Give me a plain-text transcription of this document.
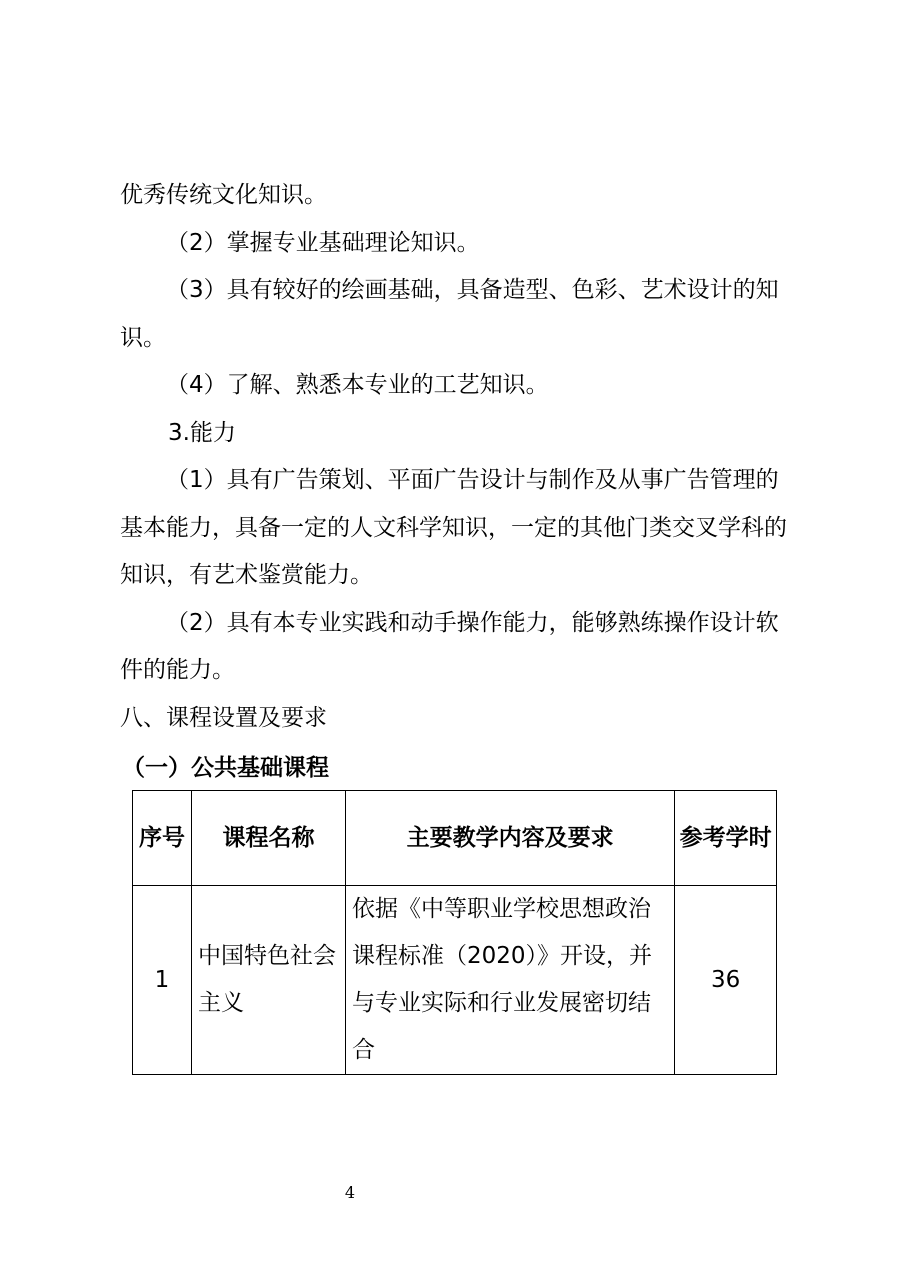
优秀传统文化知识。

（2）掌握专业基础理论知识。

（3）具有较好的绘画基础，具备造型、色彩、艺术设计的知识。

（4）了解、熟悉本专业的工艺知识。

3.能力

（1）具有广告策划、平面广告设计与制作及从事广告管理的基本能力，具备一定的人文科学知识，一定的其他门类交叉学科的知识，有艺术鉴赏能力。

（2）具有本专业实践和动手操作能力，能够熟练操作设计软件的能力。

八、课程设置及要求

（一）公共基础课程
序号	课程名称	主要教学内容及要求	参考学时
1	中国特色社会主义	依据《中等职业学校思想政治课程标准（2020）》开设，并与专业实际和行业发展密切结合	36
4
